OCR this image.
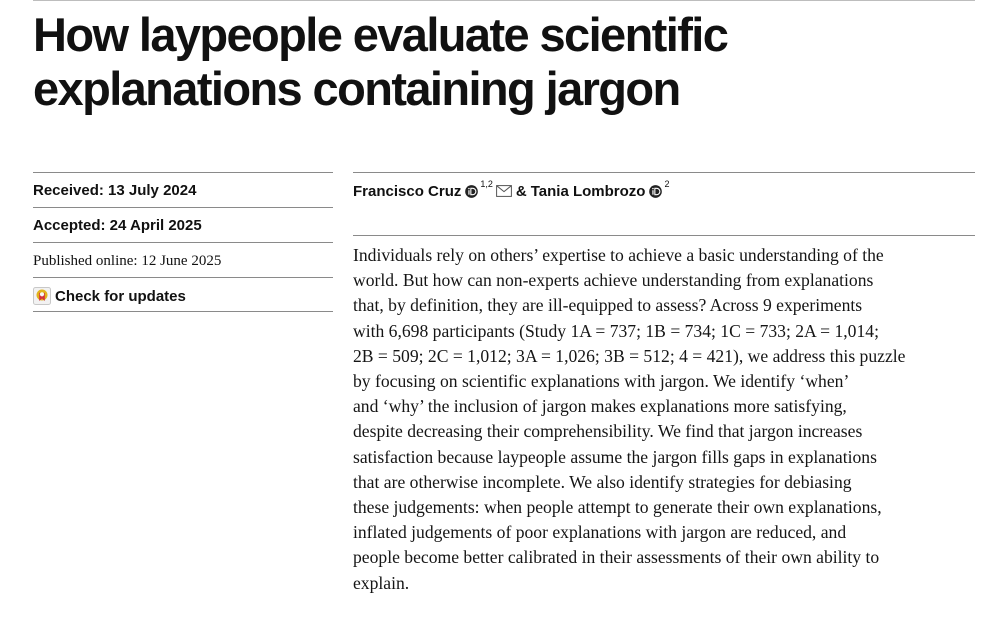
How laypeople evaluate scientific
explanations containing jargon
Received: 13 July 2024
Accepted: 24 April 2025
Published online: 12 June 2025
Check for updates
Francisco Cruz 1,2 & Tania Lombrozo 2

Individuals rely on others’ expertise to achieve a basic understanding of the
world. But how can non-experts achieve understanding from explanations
that, by definition, they are ill-equipped to assess? Across 9 experiments
with 6,698 participants (Study 1A = 737; 1B = 734; 1C = 733; 2A = 1,014;
2B = 509; 2C = 1,012; 3A = 1,026; 3B = 512; 4 = 421), we address this puzzle
by focusing on scientific explanations with jargon. We identify ‘when’
and ‘why’ the inclusion of jargon makes explanations more satisfying,
despite decreasing their comprehensibility. We find that jargon increases
satisfaction because laypeople assume the jargon fills gaps in explanations
that are otherwise incomplete. We also identify strategies for debiasing
these judgements: when people attempt to generate their own explanations,
inflated judgements of poor explanations with jargon are reduced, and
people become better calibrated in their assessments of their own ability to
explain.
